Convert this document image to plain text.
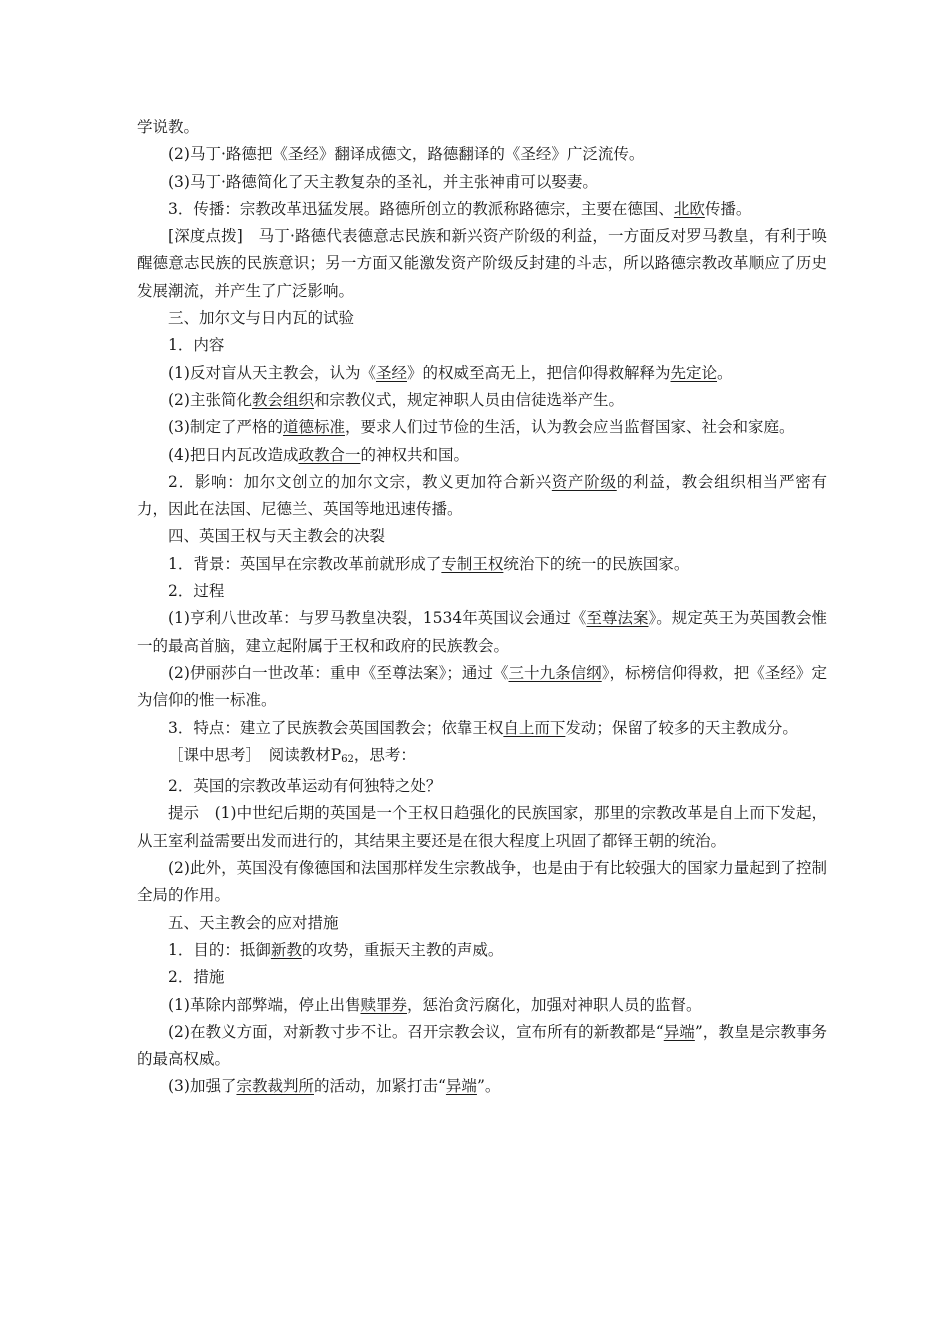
学说教。

(2)马丁·路德把《圣经》翻译成德文，路德翻译的《圣经》广泛流传。

(3)马丁·路德简化了天主教复杂的圣礼，并主张神甫可以娶妻。

3．传播：宗教改革迅猛发展。路德所创立的教派称路德宗，主要在德国、北欧传播。

[深度点拨]　马丁·路德代表德意志民族和新兴资产阶级的利益，一方面反对罗马教皇，有利于唤醒德意志民族的民族意识；另一方面又能激发资产阶级反封建的斗志，所以路德宗教改革顺应了历史发展潮流，并产生了广泛影响。

三、加尔文与日内瓦的试验

1．内容

(1)反对盲从天主教会，认为《圣经》的权威至高无上，把信仰得救解释为先定论。

(2)主张简化教会组织和宗教仪式，规定神职人员由信徒选举产生。

(3)制定了严格的道德标准，要求人们过节俭的生活，认为教会应当监督国家、社会和家庭。

(4)把日内瓦改造成政教合一的神权共和国。

2．影响：加尔文创立的加尔文宗，教义更加符合新兴资产阶级的利益，教会组织相当严密有力，因此在法国、尼德兰、英国等地迅速传播。

四、英国王权与天主教会的决裂

1．背景：英国早在宗教改革前就形成了专制王权统治下的统一的民族国家。

2．过程

(1)亨利八世改革：与罗马教皇决裂，1534年英国议会通过《至尊法案》。规定英王为英国教会惟一的最高首脑，建立起附属于王权和政府的民族教会。

(2)伊丽莎白一世改革：重申《至尊法案》；通过《三十九条信纲》，标榜信仰得救，把《圣经》定为信仰的惟一标准。

3．特点：建立了民族教会英国国教会；依靠王权自上而下发动；保留了较多的天主教成分。

［课中思考］　阅读教材$P_{62}$，思考：

2．英国的宗教改革运动有何独特之处？

提示　(1)中世纪后期的英国是一个王权日趋强化的民族国家，那里的宗教改革是自上而下发起，从王室利益需要出发而进行的，其结果主要还是在很大程度上巩固了都铎王朝的统治。

(2)此外，英国没有像德国和法国那样发生宗教战争，也是由于有比较强大的国家力量起到了控制全局的作用。

五、天主教会的应对措施

1．目的：抵御新教的攻势，重振天主教的声威。

2．措施

(1)革除内部弊端，停止出售赎罪券，惩治贪污腐化，加强对神职人员的监督。

(2)在教义方面，对新教寸步不让。召开宗教会议，宣布所有的新教都是“异端”，教皇是宗教事务的最高权威。

(3)加强了宗教裁判所的活动，加紧打击“异端”。
